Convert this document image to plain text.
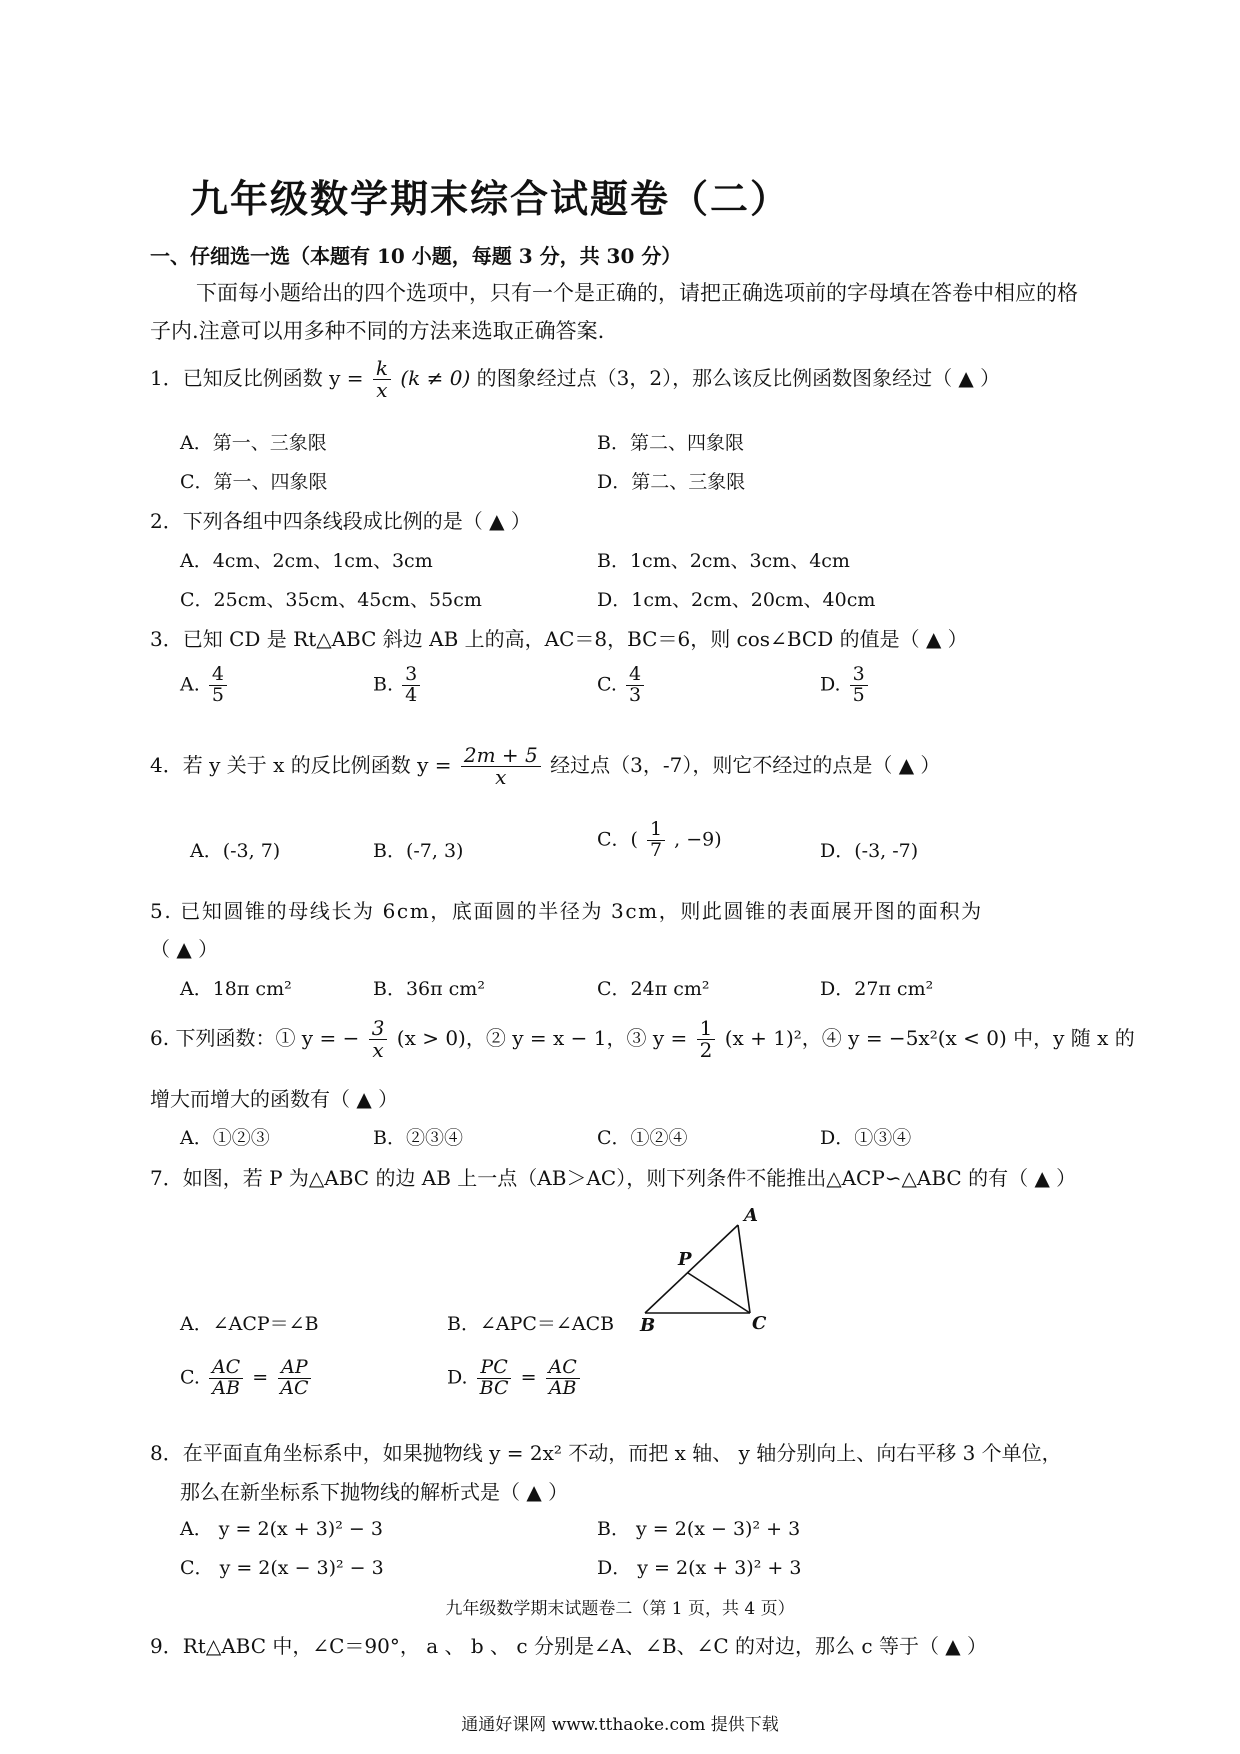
九年级数学期末综合试题卷（二）
一、仔细选一选（本题有 10 小题，每题 3 分，共 30 分）
下面每小题给出的四个选项中，只有一个是正确的，请把正确选项前的字母填在答卷中相应的格
子内.注意可以用多种不同的方法来选取正确答案.
1．已知反比例函数 $y = \frac{k}{x} (k \ne 0)$ 的图象经过点（3，2），那么该反比例函数图象经过（ ▲ ）
A．第一、三象限	B．第二、四象限
C．第一、四象限	D．第二、三象限
2．下列各组中四条线段成比例的是（ ▲ ）
A．4cm、2cm、1cm、3cm	B．1cm、2cm、3cm、4cm
C．25cm、35cm、45cm、55cm	D．1cm、2cm、20cm、40cm
3．已知 CD 是 Rt△ABC 斜边 AB 上的高，AC＝8，BC＝6，则 cos∠BCD 的值是（ ▲ ）
A. $\frac{4}{5}$	B. $\frac{3}{4}$	C. $\frac{4}{3}$	D. $\frac{3}{5}$
4．若 y 关于 x 的反比例函数 $y = \frac{2m + 5}{x}$ 经过点（3，-7），则它不经过的点是（ ▲ ）
A．(-3, 7)	B．(-7, 3)
C．( $\frac{1}{7}$ , −9)
D．(-3, -7)
5. 已知圆锥的母线长为 6cm，底面圆的半径为 3cm，则此圆锥的表面展开图的面积为
（ ▲ ）
A．18π cm²	B．36π cm²	C．24π cm²	D．27π cm²
6. 下列函数：① y = − $\frac{3}{x} (x > 0)$，② y = x − 1，③ $y = \frac{1}{2} (x + 1)^2$，④ y = −5x²(x < 0) 中，y 随 x 的
增大而增大的函数有（ ▲ ）
A．①②③	B．②③④	C．①②④	D．①③④
7．如图，若 P 为△ABC 的边 AB 上一点（AB＞AC），则下列条件不能推出△ACP∽△ABC 的有（ ▲ ）
A
P
B	C
A．∠ACP＝∠B	B．∠APC＝∠ACB
C. $\frac{AC}{AB} = \frac{AP}{AC}$	D. $\frac{PC}{BC} = \frac{AC}{AB}$
8．在平面直角坐标系中，如果抛物线 y = 2x² 不动，而把 x 轴、 y 轴分别向上、向右平移 3 个单位，
那么在新坐标系下抛物线的解析式是（ ▲ ）
A． y = 2(x + 3)² − 3	B． y = 2(x − 3)² + 3
C． y = 2(x − 3)² − 3	D． y = 2(x + 3)² + 3
九年级数学期末试题卷二（第 1 页，共 4 页）
9．Rt△ABC 中，∠C＝90°， a 、 b 、 c 分别是∠A、∠B、∠C 的对边，那么 c 等于（ ▲ ）
通通好课网 www.tthaoke.com 提供下载
